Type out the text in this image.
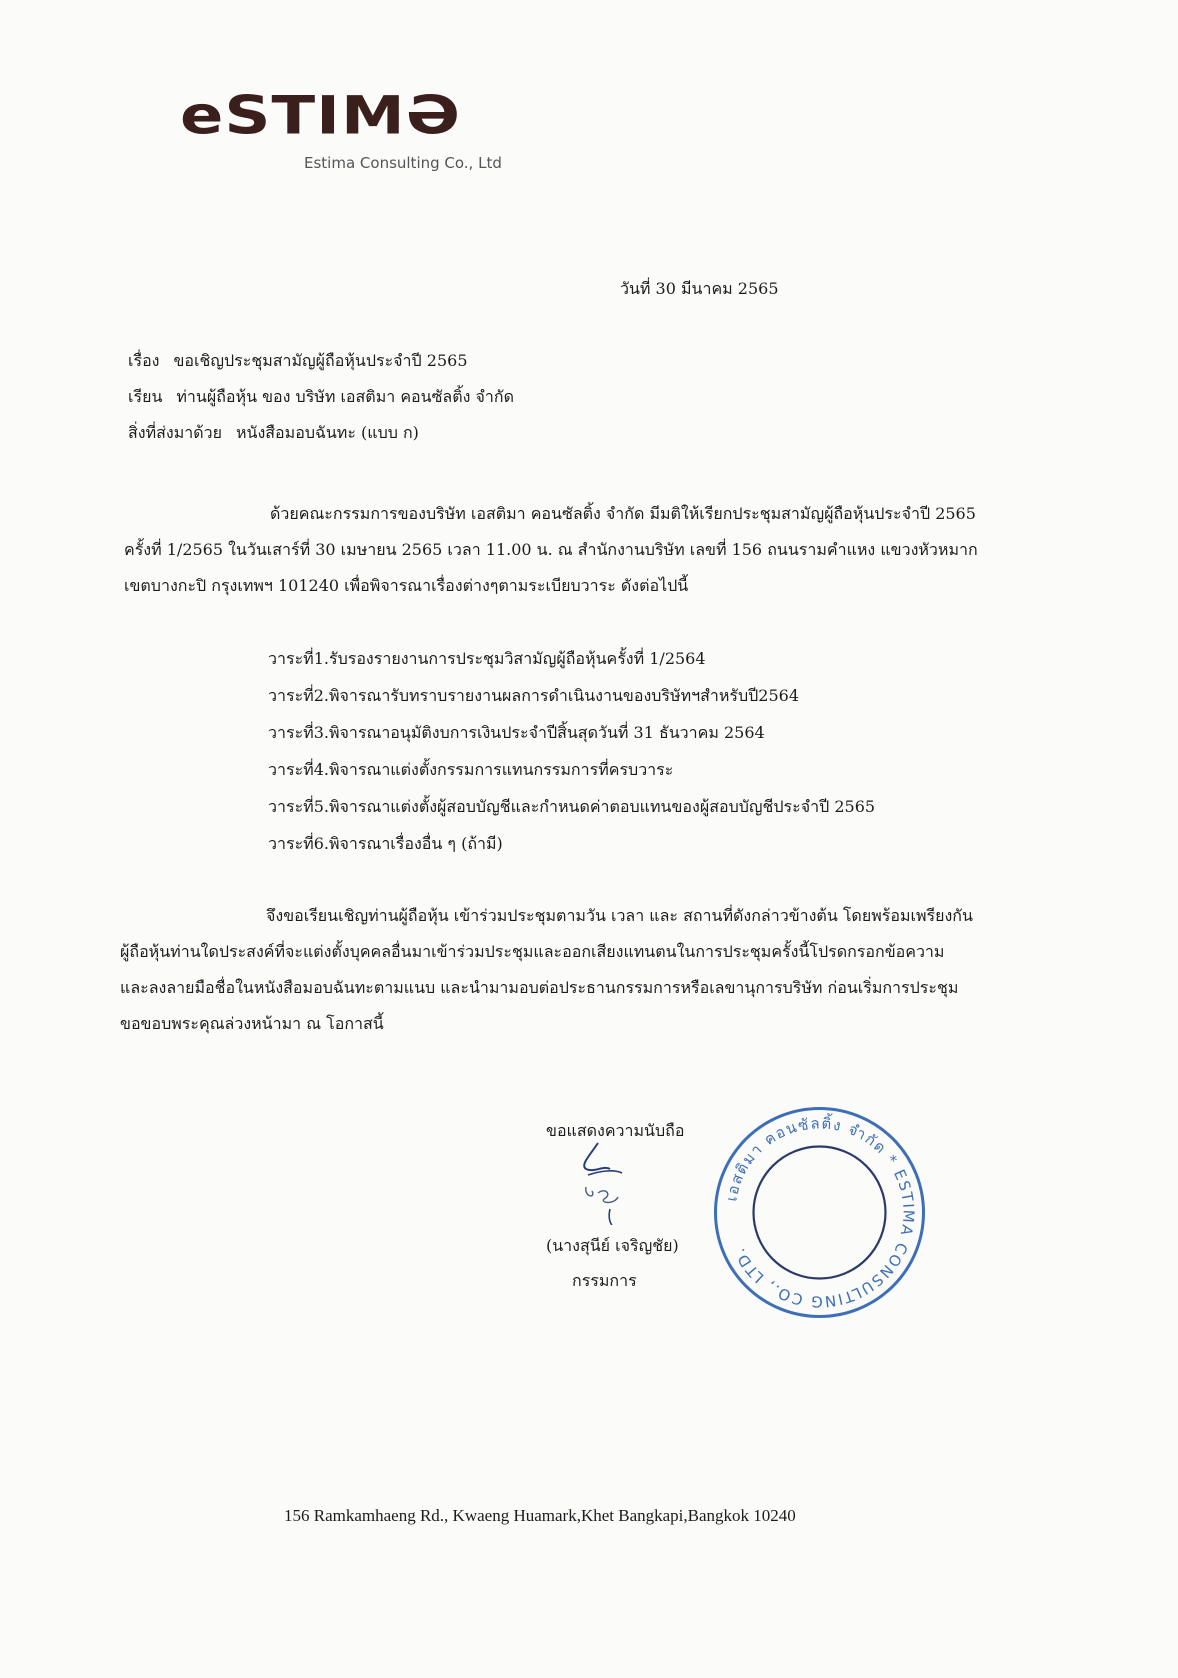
eSTIMƏ
Estima Consulting Co., Ltd
วันที่ 30 มีนาคม 2565
เรื่อง ขอเชิญประชุมสามัญผู้ถือหุ้นประจำปี 2565
เรียน ท่านผู้ถือหุ้น ของ บริษัท เอสติมา คอนซัลติ้ง จำกัด
สิ่งที่ส่งมาด้วย หนังสือมอบฉันทะ (แบบ ก)
ด้วยคณะกรรมการของบริษัท เอสติมา คอนซัลติ้ง จำกัด มีมติให้เรียกประชุมสามัญผู้ถือหุ้นประจำปี 2565
ครั้งที่ 1/2565 ในวันเสาร์ที่ 30 เมษายน 2565 เวลา 11.00 น. ณ สำนักงานบริษัท เลขที่ 156 ถนนรามคำแหง แขวงหัวหมาก
เขตบางกะปิ กรุงเทพฯ 101240 เพื่อพิจารณาเรื่องต่างๆตามระเบียบวาระ ดังต่อไปนี้
วาระที่1.รับรองรายงานการประชุมวิสามัญผู้ถือหุ้นครั้งที่ 1/2564
วาระที่2.พิจารณารับทราบรายงานผลการดำเนินงานของบริษัทฯสำหรับปี2564
วาระที่3.พิจารณาอนุมัติงบการเงินประจำปีสิ้นสุดวันที่ 31 ธันวาคม 2564
วาระที่4.พิจารณาแต่งตั้งกรรมการแทนกรรมการที่ครบวาระ
วาระที่5.พิจารณาแต่งตั้งผู้สอบบัญชีและกำหนดค่าตอบแทนของผู้สอบบัญชีประจำปี 2565
วาระที่6.พิจารณาเรื่องอื่น ๆ (ถ้ามี)
จึงขอเรียนเชิญท่านผู้ถือหุ้น เข้าร่วมประชุมตามวัน เวลา และ สถานที่ดังกล่าวข้างต้น โดยพร้อมเพรียงกัน
ผู้ถือหุ้นท่านใดประสงค์ที่จะแต่งตั้งบุคคลอื่นมาเข้าร่วมประชุมและออกเสียงแทนตนในการประชุมครั้งนี้โปรดกรอกข้อความ
และลงลายมือชื่อในหนังสือมอบฉันทะตามแนบ และนำมามอบต่อประธานกรรมการหรือเลขานุการบริษัท ก่อนเริ่มการประชุม
ขอขอบพระคุณล่วงหน้ามา ณ โอกาสนี้
ขอแสดงความนับถือ
(นางสุนีย์ เจริญชัย)
กรรมการ
เอสติมา คอนซัลติ้ง จำกัด * ESTIMA CONSULTING CO., LTD.
156 Ramkamhaeng Rd., Kwaeng Huamark,Khet Bangkapi,Bangkok 10240
